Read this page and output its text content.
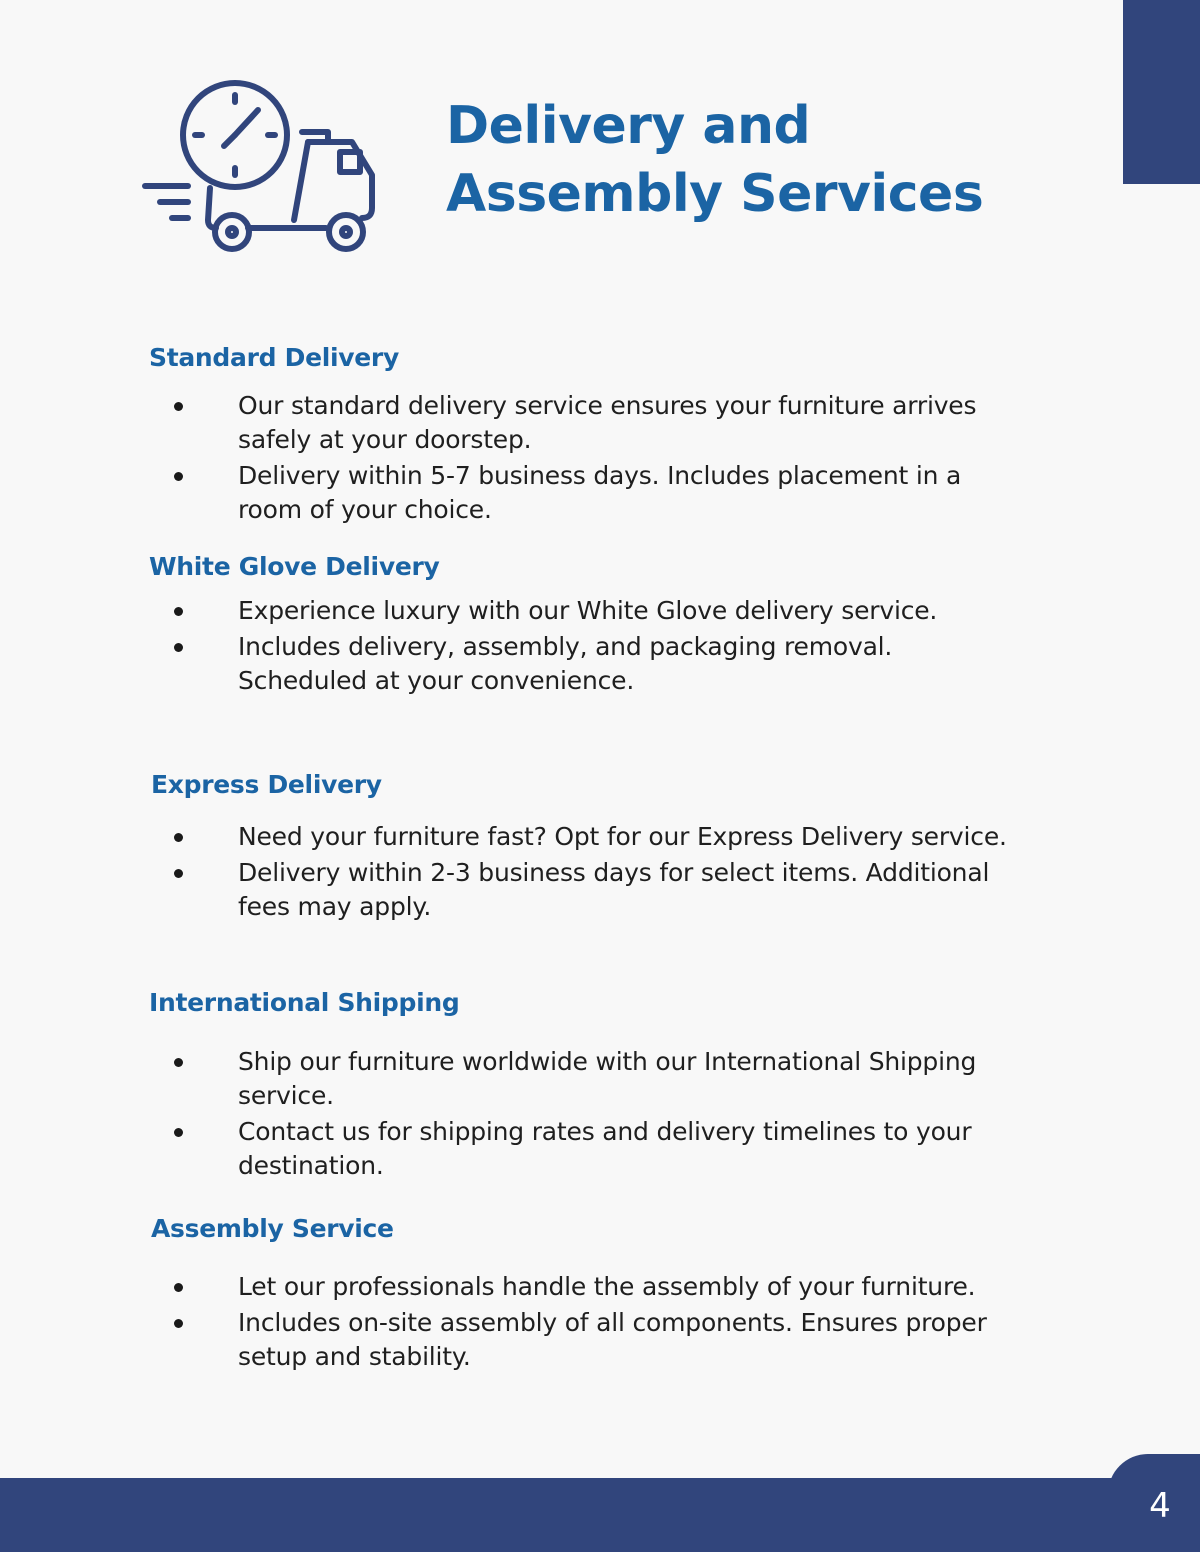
Delivery and
Assembly Services
Standard Delivery
Our standard delivery service ensures your furniture arrives safely at your doorstep.
Delivery within 5-7 business days. Includes placement in a room of your choice.
White Glove Delivery
Experience luxury with our White Glove delivery service.
Includes delivery, assembly, and packaging removal. Scheduled at your convenience.
Express Delivery
Need your furniture fast? Opt for our Express Delivery service.
Delivery within 2-3 business days for select items. Additional fees may apply.
International Shipping
Ship our furniture worldwide with our International Shipping service.
Contact us for shipping rates and delivery timelines to your destination.
Assembly Service
Let our professionals handle the assembly of your furniture.
Includes on-site assembly of all components. Ensures proper setup and stability.
4
